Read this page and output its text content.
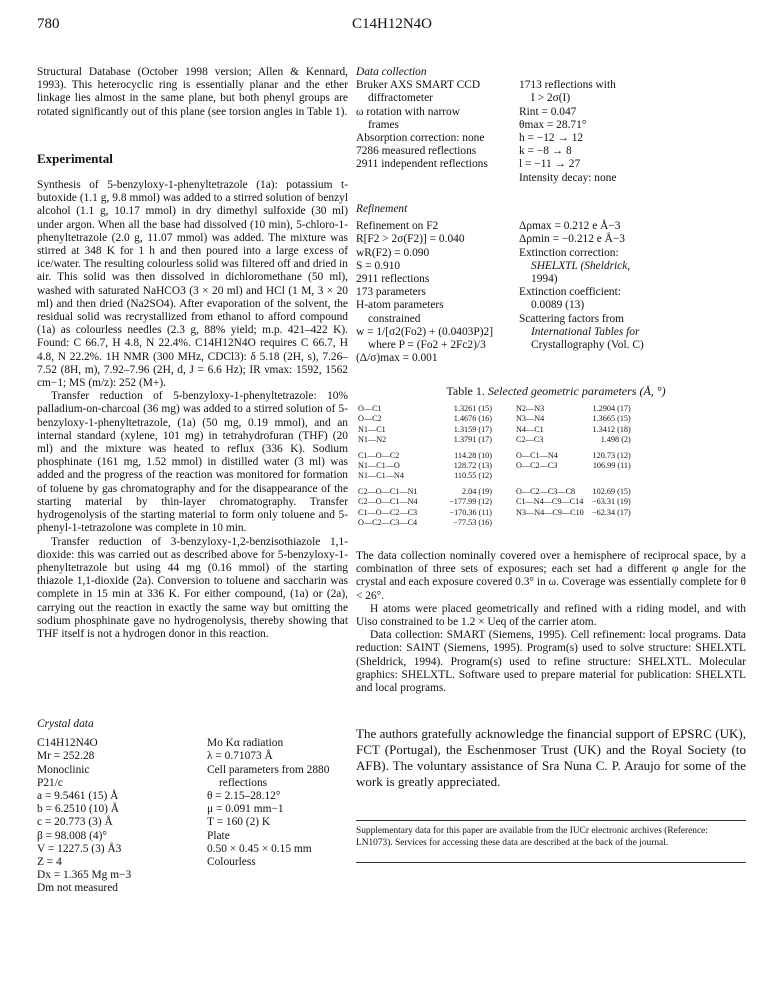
780	C14H12N4O

Structural Database (October 1998 version; Allen & Kennard, 1993). This heterocyclic ring is essentially planar and the ether linkage lies almost in the same plane, but both phenyl groups are rotated significantly out of this plane (see torsion angles in Table 1).

Experimental

Synthesis of 5-benzyloxy-1-phenyltetrazole (1a): potassium t-butoxide (1.1 g, 9.8 mmol) was added to a stirred solution of benzyl alcohol (1.1 g, 10.17 mmol) in dry dimethyl sulfoxide (30 ml) under argon. When all the base had dissolved (10 min), 5-chloro-1-phenyltetrazole (2.0 g, 11.07 mmol) was added. The mixture was stirred at 348 K for 1 h and then poured into a large excess of ice/water. The resulting colourless solid was filtered off and dried in air. This solid was then dissolved in dichloromethane (50 ml), washed with saturated NaHCO3 (3 × 20 ml) and HCl (1 M, 3 × 20 ml) and then dried (Na2SO4). After evaporation of the solvent, the residual solid was recrystallized from ethanol to afford compound (1a) as colourless needles (2.3 g, 88% yield; m.p. 421–422 K). Found: C 66.7, H 4.8, N 22.4%. C14H12N4O requires C 66.7, H 4.8, N 22.2%. 1H NMR (300 MHz, CDCl3): δ 5.18 (2H, s), 7.26–7.52 (8H, m), 7.92–7.96 (2H, d, J = 6.6 Hz); IR νmax: 1592, 1562 cm−1; MS (m/z): 252 (M+).

Transfer reduction of 5-benzyloxy-1-phenyltetrazole: 10% palladium-on-charcoal (36 mg) was added to a stirred solution of 5-benzyloxy-1-phenyltetrazole, (1a) (50 mg, 0.19 mmol), and an internal standard (xylene, 101 mg) in tetrahydrofuran (THF) (20 ml) and the mixture was heated to reflux (336 K). Sodium phosphinate (161 mg, 1.52 mmol) in distilled water (3 ml) was added and the progress of the reaction was monitored for formation of toluene by gas chromatography and for the disappearance of the starting material by thin-layer chromatography. Transfer hydrogenolysis of the starting material to form only toluene and 5-phenyl-1-tetrazolone was complete in 10 min.

Transfer reduction of 3-benzyloxy-1,2-benzisothiazole 1,1-dioxide: this was carried out as described above for 5-benzyloxy-1-phenyltetrazole but using 44 mg (0.16 mmol) of the starting thiazole 1,1-dioxide (2a). Conversion to toluene and saccharin was complete in 15 min at 336 K. For either compound, (1a) or (2a), carrying out the reaction in exactly the same way but omitting the sodium phosphinate gave no hydrogenolysis, thereby showing that THF itself is not a hydrogen donor in this reaction.

Crystal data

C14H12N4O
Mr = 252.28
Monoclinic
P21/c
a = 9.5461 (15) Å
b = 6.2510 (10) Å
c = 20.773 (3) Å
β = 98.008 (4)°
V = 1227.5 (3) Å3
Z = 4
Dx = 1.365 Mg m−3
Dm not measured
Mo Kα radiation
λ = 0.71073 Å
Cell parameters from 2880
reflections
θ = 2.15–28.12°
μ = 0.091 mm−1
T = 160 (2) K
Plate
0.50 × 0.45 × 0.15 mm
Colourless

Data collection

Bruker AXS SMART CCD
diffractometer
ω rotation with narrow
frames
Absorption correction: none
7286 measured reflections
2911 independent reflections
1713 reflections with
I > 2σ(I)
Rint = 0.047
θmax = 28.71°
h = −12 → 12
k = −8 → 8
l = −11 → 27
Intensity decay: none

Refinement

Refinement on F2
R[F2 > 2σ(F2)] = 0.040
wR(F2) = 0.090
S = 0.910
2911 reflections
173 parameters
H-atom parameters
constrained
w = 1/[σ2(Fo2) + (0.0403P)2]
where P = (Fo2 + 2Fc2)/3
(Δ/σ)max = 0.001
Δρmax = 0.212 e Å−3
Δρmin = −0.212 e Å−3
Extinction correction:
SHELXTL (Sheldrick,
1994)
Extinction coefficient:
0.0089 (13)
Scattering factors from
International Tables for
Crystallography (Vol. C)
Table 1. Selected geometric parameters (Å, °)
O—C1	1.3261 (15)		N2—N3	1.2904 (17)
O—C2	1.4676 (16)		N3—N4	1.3665 (15)
N1—C1	1.3159 (17)		N4—C1	1.3412 (18)
N1—N2	1.3791 (17)		C2—C3	1.498 (2)
C1—O—C2	114.28 (10)		O—C1—N4	120.73 (12)
N1—C1—O	128.72 (13)		O—C2—C3	106.99 (11)
N1—C1—N4	110.55 (12)			
C2—O—C1—N1	2.04 (19)		O—C2—C3—C8	102.69 (15)
C2—O—C1—N4	−177.99 (12)		C1—N4—C9—C14	−63.31 (19)
C1—O—C2—C3	−170.36 (11)		N3—N4—C9—C10	−62.34 (17)
O—C2—C3—C4	−77.53 (16)			

The data collection nominally covered over a hemisphere of reciprocal space, by a combination of three sets of exposures; each set had a different φ angle for the crystal and each exposure covered 0.3° in ω. Coverage was essentially complete for θ < 26°.

H atoms were placed geometrically and refined with a riding model, and with Uiso constrained to be 1.2 × Ueq of the carrier atom.

Data collection: SMART (Siemens, 1995). Cell refinement: local programs. Data reduction: SAINT (Siemens, 1995). Program(s) used to solve structure: SHELXTL (Sheldrick, 1994). Program(s) used to refine structure: SHELXTL. Molecular graphics: SHELXTL. Software used to prepare material for publication: SHELXTL and local programs.

The authors gratefully acknowledge the financial support of EPSRC (UK), FCT (Portugal), the Eschenmoser Trust (UK) and the Royal Society (to AFB). The voluntary assistance of Sra Nuna C. P. Araujo for some of the work is greatly appreciated.
Supplementary data for this paper are available from the IUCr electronic archives (Reference: LN1073). Services for accessing these data are described at the back of the journal.
